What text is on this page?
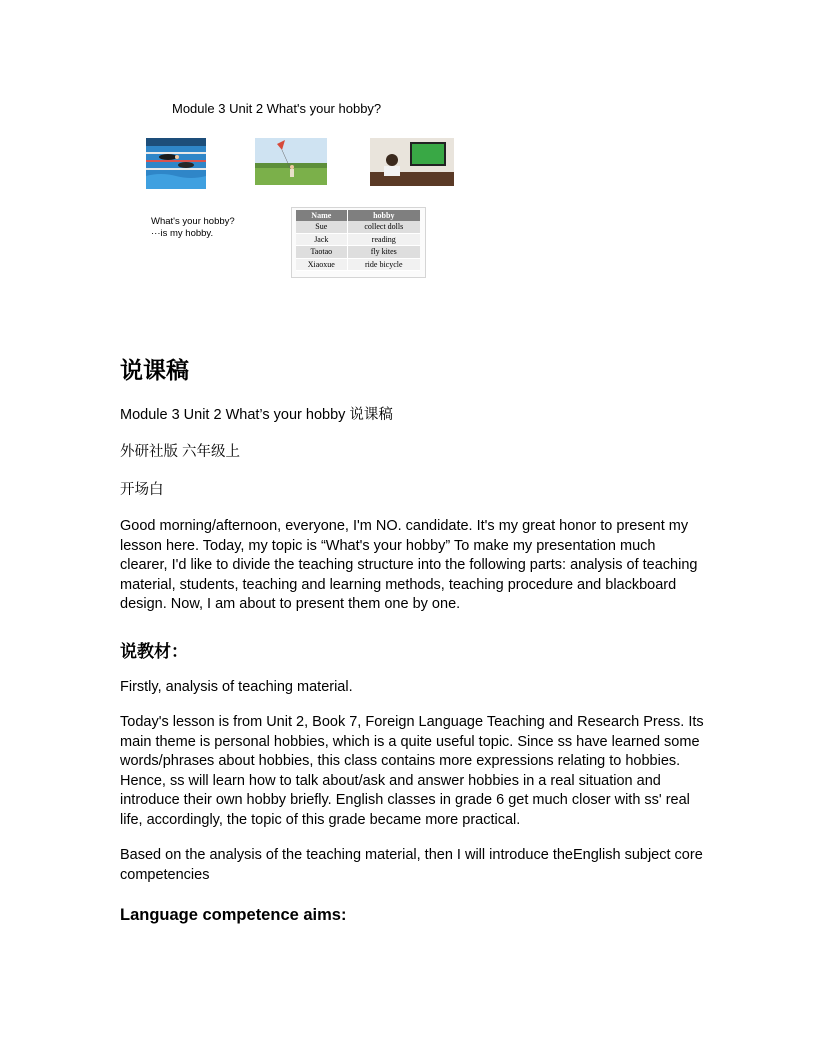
Module 3 Unit 2 What's your hobby?
What's your hobby?
···is my hobby.
Name	hobby
Sue	collect dolls
Jack	reading
Taotao	fly kites
Xiaoxue	ride bicycle
说课稿
Module 3 Unit 2 What’s your hobby 说课稿
外研社版 六年级上
开场白
Good morning/afternoon, everyone, I'm NO. candidate. It's my great honor to present my lesson here. Today, my topic is “What's your hobby” To make my presentation much clearer, I'd like to divide the teaching structure into the following parts: analysis of teaching material, students, teaching and learning methods, teaching procedure and blackboard design. Now, I am about to present them one by one.
说教材：
Firstly, analysis of teaching material.
Today's lesson is from Unit 2, Book 7, Foreign Language Teaching and Research Press. Its main theme is personal hobbies, which is a quite useful topic. Since ss have learned some words/phrases about hobbies, this class contains more expressions relating to hobbies. Hence, ss will learn how to talk about/ask and answer hobbies in a real situation and introduce their own hobby briefly. English classes in grade 6 get much closer with ss' real life, accordingly, the topic of this grade became more practical.
Based on the analysis of the teaching material, then I will introduce theEnglish subject core competencies
Language competence aims:
